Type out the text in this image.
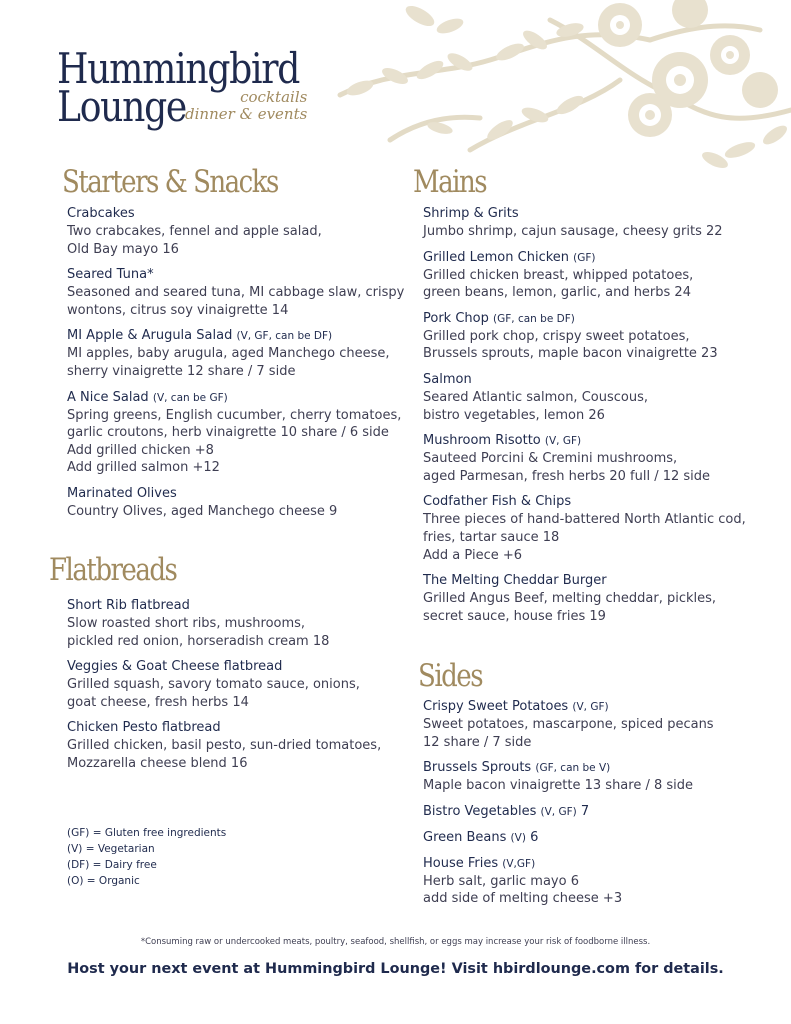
Hummingbird
Lounge	cocktails
dinner & events
Starters & Snacks
Flatbreads
Mains
Sides
Crabcakes
Two crabcakes, fennel and apple salad,
Old Bay mayo 16
Seared Tuna*
Seasoned and seared tuna, MI cabbage slaw, crispy
wontons, citrus soy vinaigrette 14
MI Apple & Arugula Salad (V, GF, can be DF)
MI apples, baby arugula, aged Manchego cheese,
sherry vinaigrette 12 share / 7 side
A Nice Salad (V, can be GF)
Spring greens, English cucumber, cherry tomatoes,
garlic croutons, herb vinaigrette 10 share / 6 side
Add grilled chicken +8
Add grilled salmon +12
Marinated Olives
Country Olives, aged Manchego cheese 9
Short Rib flatbread
Slow roasted short ribs, mushrooms,
pickled red onion, horseradish cream 18
Veggies & Goat Cheese flatbread
Grilled squash, savory tomato sauce, onions,
goat cheese, fresh herbs 14
Chicken Pesto flatbread
Grilled chicken, basil pesto, sun-dried tomatoes,
Mozzarella cheese blend 16
Shrimp & Grits
Jumbo shrimp, cajun sausage, cheesy grits 22
Grilled Lemon Chicken (GF)
Grilled chicken breast, whipped potatoes,
green beans, lemon, garlic, and herbs 24
Pork Chop (GF, can be DF)
Grilled pork chop, crispy sweet potatoes,
Brussels sprouts, maple bacon vinaigrette 23
Salmon
Seared Atlantic salmon, Couscous,
bistro vegetables, lemon 26
Mushroom Risotto (V, GF)
Sauteed Porcini & Cremini mushrooms,
aged Parmesan, fresh herbs 20 full / 12 side
Codfather Fish & Chips
Three pieces of hand-battered North Atlantic cod,
fries, tartar sauce 18
Add a Piece +6
The Melting Cheddar Burger
Grilled Angus Beef, melting cheddar, pickles,
secret sauce, house fries 19
Crispy Sweet Potatoes (V, GF)
Sweet potatoes, mascarpone, spiced pecans
12 share / 7 side
Brussels Sprouts (GF, can be V)
Maple bacon vinaigrette 13 share / 8 side
Bistro Vegetables (V, GF) 7
Green Beans (V) 6
House Fries (V,GF)
Herb salt, garlic mayo 6
add side of melting cheese +3
(GF) = Gluten free ingredients
(V) = Vegetarian
(DF) = Dairy free
(O) = Organic
*Consuming raw or undercooked meats, poultry, seafood, shellfish, or eggs may increase your risk of foodborne illness.
Host your next event at Hummingbird Lounge! Visit hbirdlounge.com for details.
